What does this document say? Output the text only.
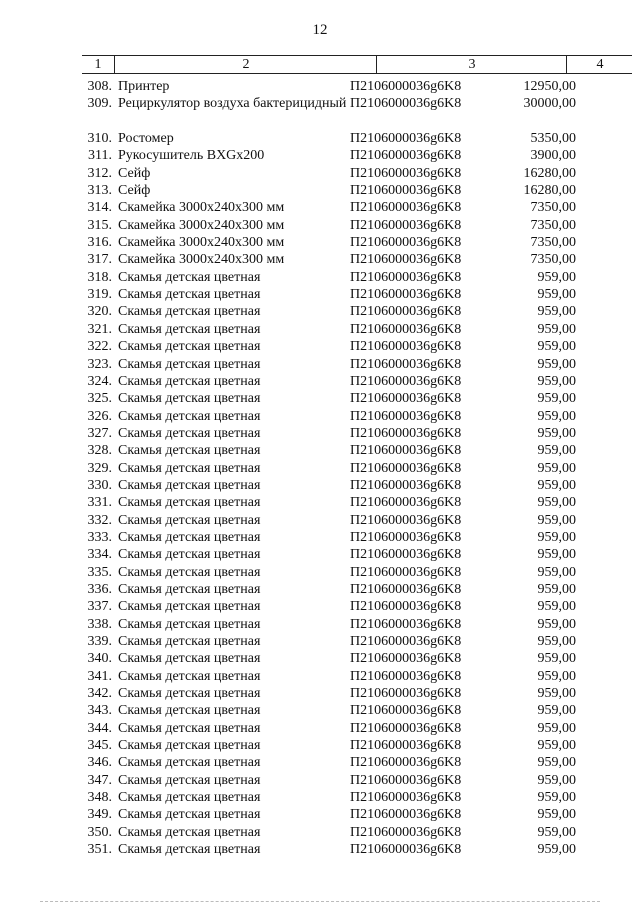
12
1	2	3	4
308. Принтер	П2106000036g6K8	12950,00
309. Рециркулятор воздуха бактерицидный П2106000036g6K8	30000,00
310. Ростомер	П2106000036g6K8	5350,00
311. Рукосушитель BXGx200	П2106000036g6K8	3900,00
312. Сейф	П2106000036g6K8	16280,00
313. Сейф	П2106000036g6K8	16280,00
314. Скамейка 3000x240x300 мм	П2106000036g6K8	7350,00
315. Скамейка 3000x240x300 мм	П2106000036g6K8	7350,00
316. Скамейка 3000x240x300 мм	П2106000036g6K8	7350,00
317. Скамейка 3000x240x300 мм	П2106000036g6K8	7350,00
318. Скамья детская цветная	П2106000036g6K8	959,00
319. Скамья детская цветная	П2106000036g6K8	959,00
320. Скамья детская цветная	П2106000036g6K8	959,00
321. Скамья детская цветная	П2106000036g6K8	959,00
322. Скамья детская цветная	П2106000036g6K8	959,00
323. Скамья детская цветная	П2106000036g6K8	959,00
324. Скамья детская цветная	П2106000036g6K8	959,00
325. Скамья детская цветная	П2106000036g6K8	959,00
326. Скамья детская цветная	П2106000036g6K8	959,00
327. Скамья детская цветная	П2106000036g6K8	959,00
328. Скамья детская цветная	П2106000036g6K8	959,00
329. Скамья детская цветная	П2106000036g6K8	959,00
330. Скамья детская цветная	П2106000036g6K8	959,00
331. Скамья детская цветная	П2106000036g6K8	959,00
332. Скамья детская цветная	П2106000036g6K8	959,00
333. Скамья детская цветная	П2106000036g6K8	959,00
334. Скамья детская цветная	П2106000036g6K8	959,00
335. Скамья детская цветная	П2106000036g6K8	959,00
336. Скамья детская цветная	П2106000036g6K8	959,00
337. Скамья детская цветная	П2106000036g6K8	959,00
338. Скамья детская цветная	П2106000036g6K8	959,00
339. Скамья детская цветная	П2106000036g6K8	959,00
340. Скамья детская цветная	П2106000036g6K8	959,00
341. Скамья детская цветная	П2106000036g6K8	959,00
342. Скамья детская цветная	П2106000036g6K8	959,00
343. Скамья детская цветная	П2106000036g6K8	959,00
344. Скамья детская цветная	П2106000036g6K8	959,00
345. Скамья детская цветная	П2106000036g6K8	959,00
346. Скамья детская цветная	П2106000036g6K8	959,00
347. Скамья детская цветная	П2106000036g6K8	959,00
348. Скамья детская цветная	П2106000036g6K8	959,00
349. Скамья детская цветная	П2106000036g6K8	959,00
350. Скамья детская цветная	П2106000036g6K8	959,00
351. Скамья детская цветная	П2106000036g6K8	959,00
